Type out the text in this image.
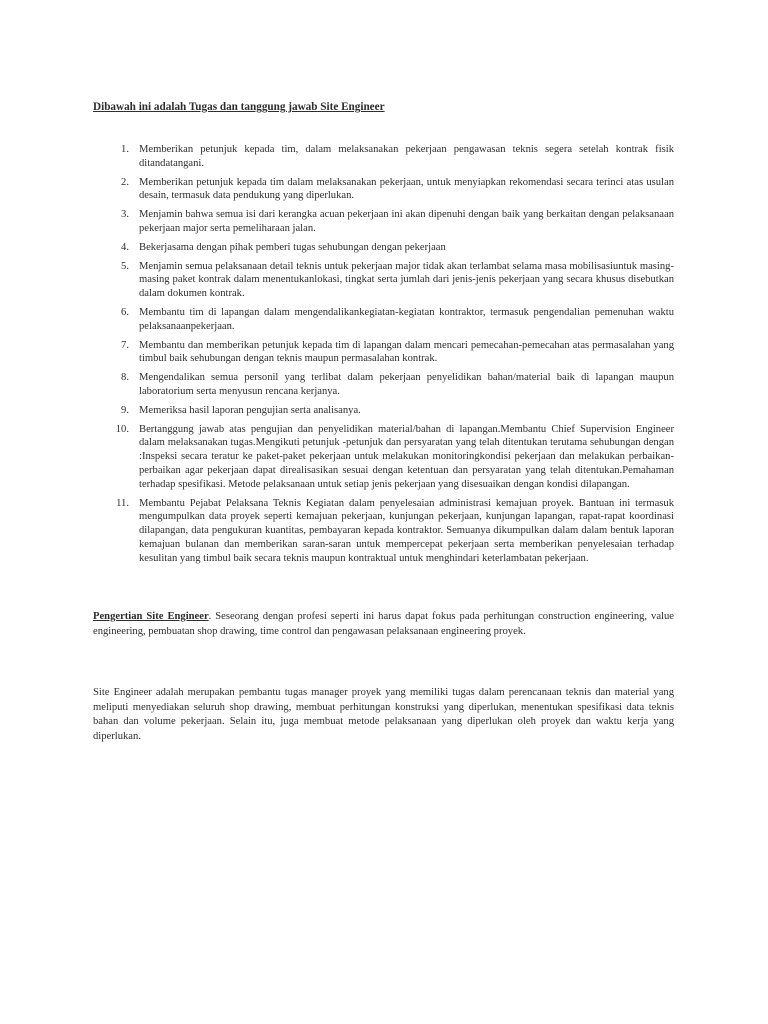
Dibawah ini adalah Tugas dan tanggung jawab Site Engineer
1. Memberikan petunjuk kepada tim, dalam melaksanakan pekerjaan pengawasan teknis segera setelah kontrak fisik ditandatangani.
2. Memberikan petunjuk kepada tim dalam melaksanakan pekerjaan, untuk menyiapkan rekomendasi secara terinci atas usulan desain, termasuk data pendukung yang diperlukan.
3. Menjamin bahwa semua isi dari kerangka acuan pekerjaan ini akan dipenuhi dengan baik yang berkaitan dengan pelaksanaan pekerjaan major serta pemeliharaan jalan.
4. Bekerjasama dengan pihak pemberi tugas sehubungan dengan pekerjaan
5. Menjamin semua pelaksanaan detail teknis untuk pekerjaan major tidak akan terlambat selama masa mobilisasiuntuk masing-masing paket kontrak dalam menentukanlokasi, tingkat serta jumlah dari jenis-jenis pekerjaan yang secara khusus disebutkan dalam dokumen kontrak.
6. Membantu tim di lapangan dalam mengendalikankegiatan-kegiatan kontraktor, termasuk pengendalian pemenuhan waktu pelaksanaanpekerjaan.
7. Membantu dan memberikan petunjuk kepada tim di lapangan dalam mencari pemecahan-pemecahan atas permasalahan yang timbul baik sehubungan dengan teknis maupun permasalahan kontrak.
8. Mengendalikan semua personil yang terlibat dalam pekerjaan penyelidikan bahan/material baik di lapangan maupun laboratorium serta menyusun rencana kerjanya.
9. Memeriksa hasil laporan pengujian serta analisanya.
10. Bertanggung jawab atas pengujian dan penyelidikan material/bahan di lapangan.Membantu Chief Supervision Engineer dalam melaksanakan tugas.Mengikuti petunjuk -petunjuk dan persyaratan yang telah ditentukan terutama sehubungan dengan :Inspeksi secara teratur ke paket-paket pekerjaan untuk melakukan monitoringkondisi pekerjaan dan melakukan perbaikan-perbaikan agar pekerjaan dapat direalisasikan sesuai dengan ketentuan dan persyaratan yang telah ditentukan.Pemahaman terhadap spesifikasi. Metode pelaksanaan untuk setiap jenis pekerjaan yang disesuaikan dengan kondisi dilapangan.
11. Membantu Pejabat Pelaksana Teknis Kegiatan dalam penyelesaian administrasi kemajuan proyek. Bantuan ini termasuk mengumpulkan data proyek seperti kemajuan pekerjaan, kunjungan pekerjaan, kunjungan lapangan, rapat-rapat koordinasi dilapangan, data pengukuran kuantitas, pembayaran kepada kontraktor. Semuanya dikumpulkan dalam dalam bentuk laporan kemajuan bulanan dan memberikan saran-saran untuk mempercepat pekerjaan serta memberikan penyelesaian terhadap kesulitan yang timbul baik secara teknis maupun kontraktual untuk menghindari keterlambatan pekerjaan.

Pengertian Site Engineer. Seseorang dengan profesi seperti ini harus dapat fokus pada perhitungan construction engineering, value engineering, pembuatan shop drawing, time control dan pengawasan pelaksanaan engineering proyek.

Site Engineer adalah merupakan pembantu tugas manager proyek yang memiliki tugas dalam perencanaan teknis dan material yang meliputi menyediakan seluruh shop drawing, membuat perhitungan konstruksi yang diperlukan, menentukan spesifikasi data teknis bahan dan volume pekerjaan. Selain itu, juga membuat metode pelaksanaan yang diperlukan oleh proyek dan waktu kerja yang diperlukan.
